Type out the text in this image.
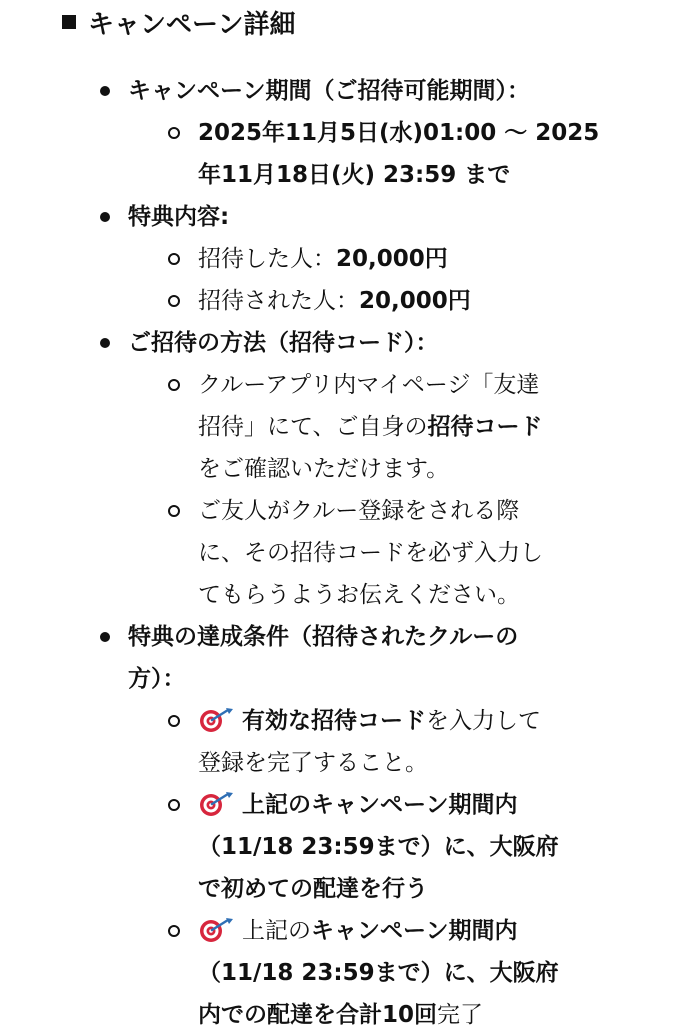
キャンペーン詳細
キャンペーン期間（ご招待可能期間）：
2025年11月5日(水)01:00 〜 2025
年11月18日(火) 23:59 まで
特典内容:
招待した人：20,000円
招待された人：20,000円
ご招待の方法（招待コード）：
クルーアプリ内マイページ「友達
招待」にて、ご自身の招待コード
をご確認いただけます。
ご友人がクルー登録をされる際
に、その招待コードを必ず入力し
てもらうようお伝えください。
特典の達成条件（招待されたクルーの
方）：
有効な招待コードを入力して
登録を完了すること。
上記のキャンペーン期間内
（11/18 23:59まで）に、大阪府
で初めての配達を行う
上記のキャンペーン期間内
（11/18 23:59まで）に、大阪府
内での配達を合計10回完了
